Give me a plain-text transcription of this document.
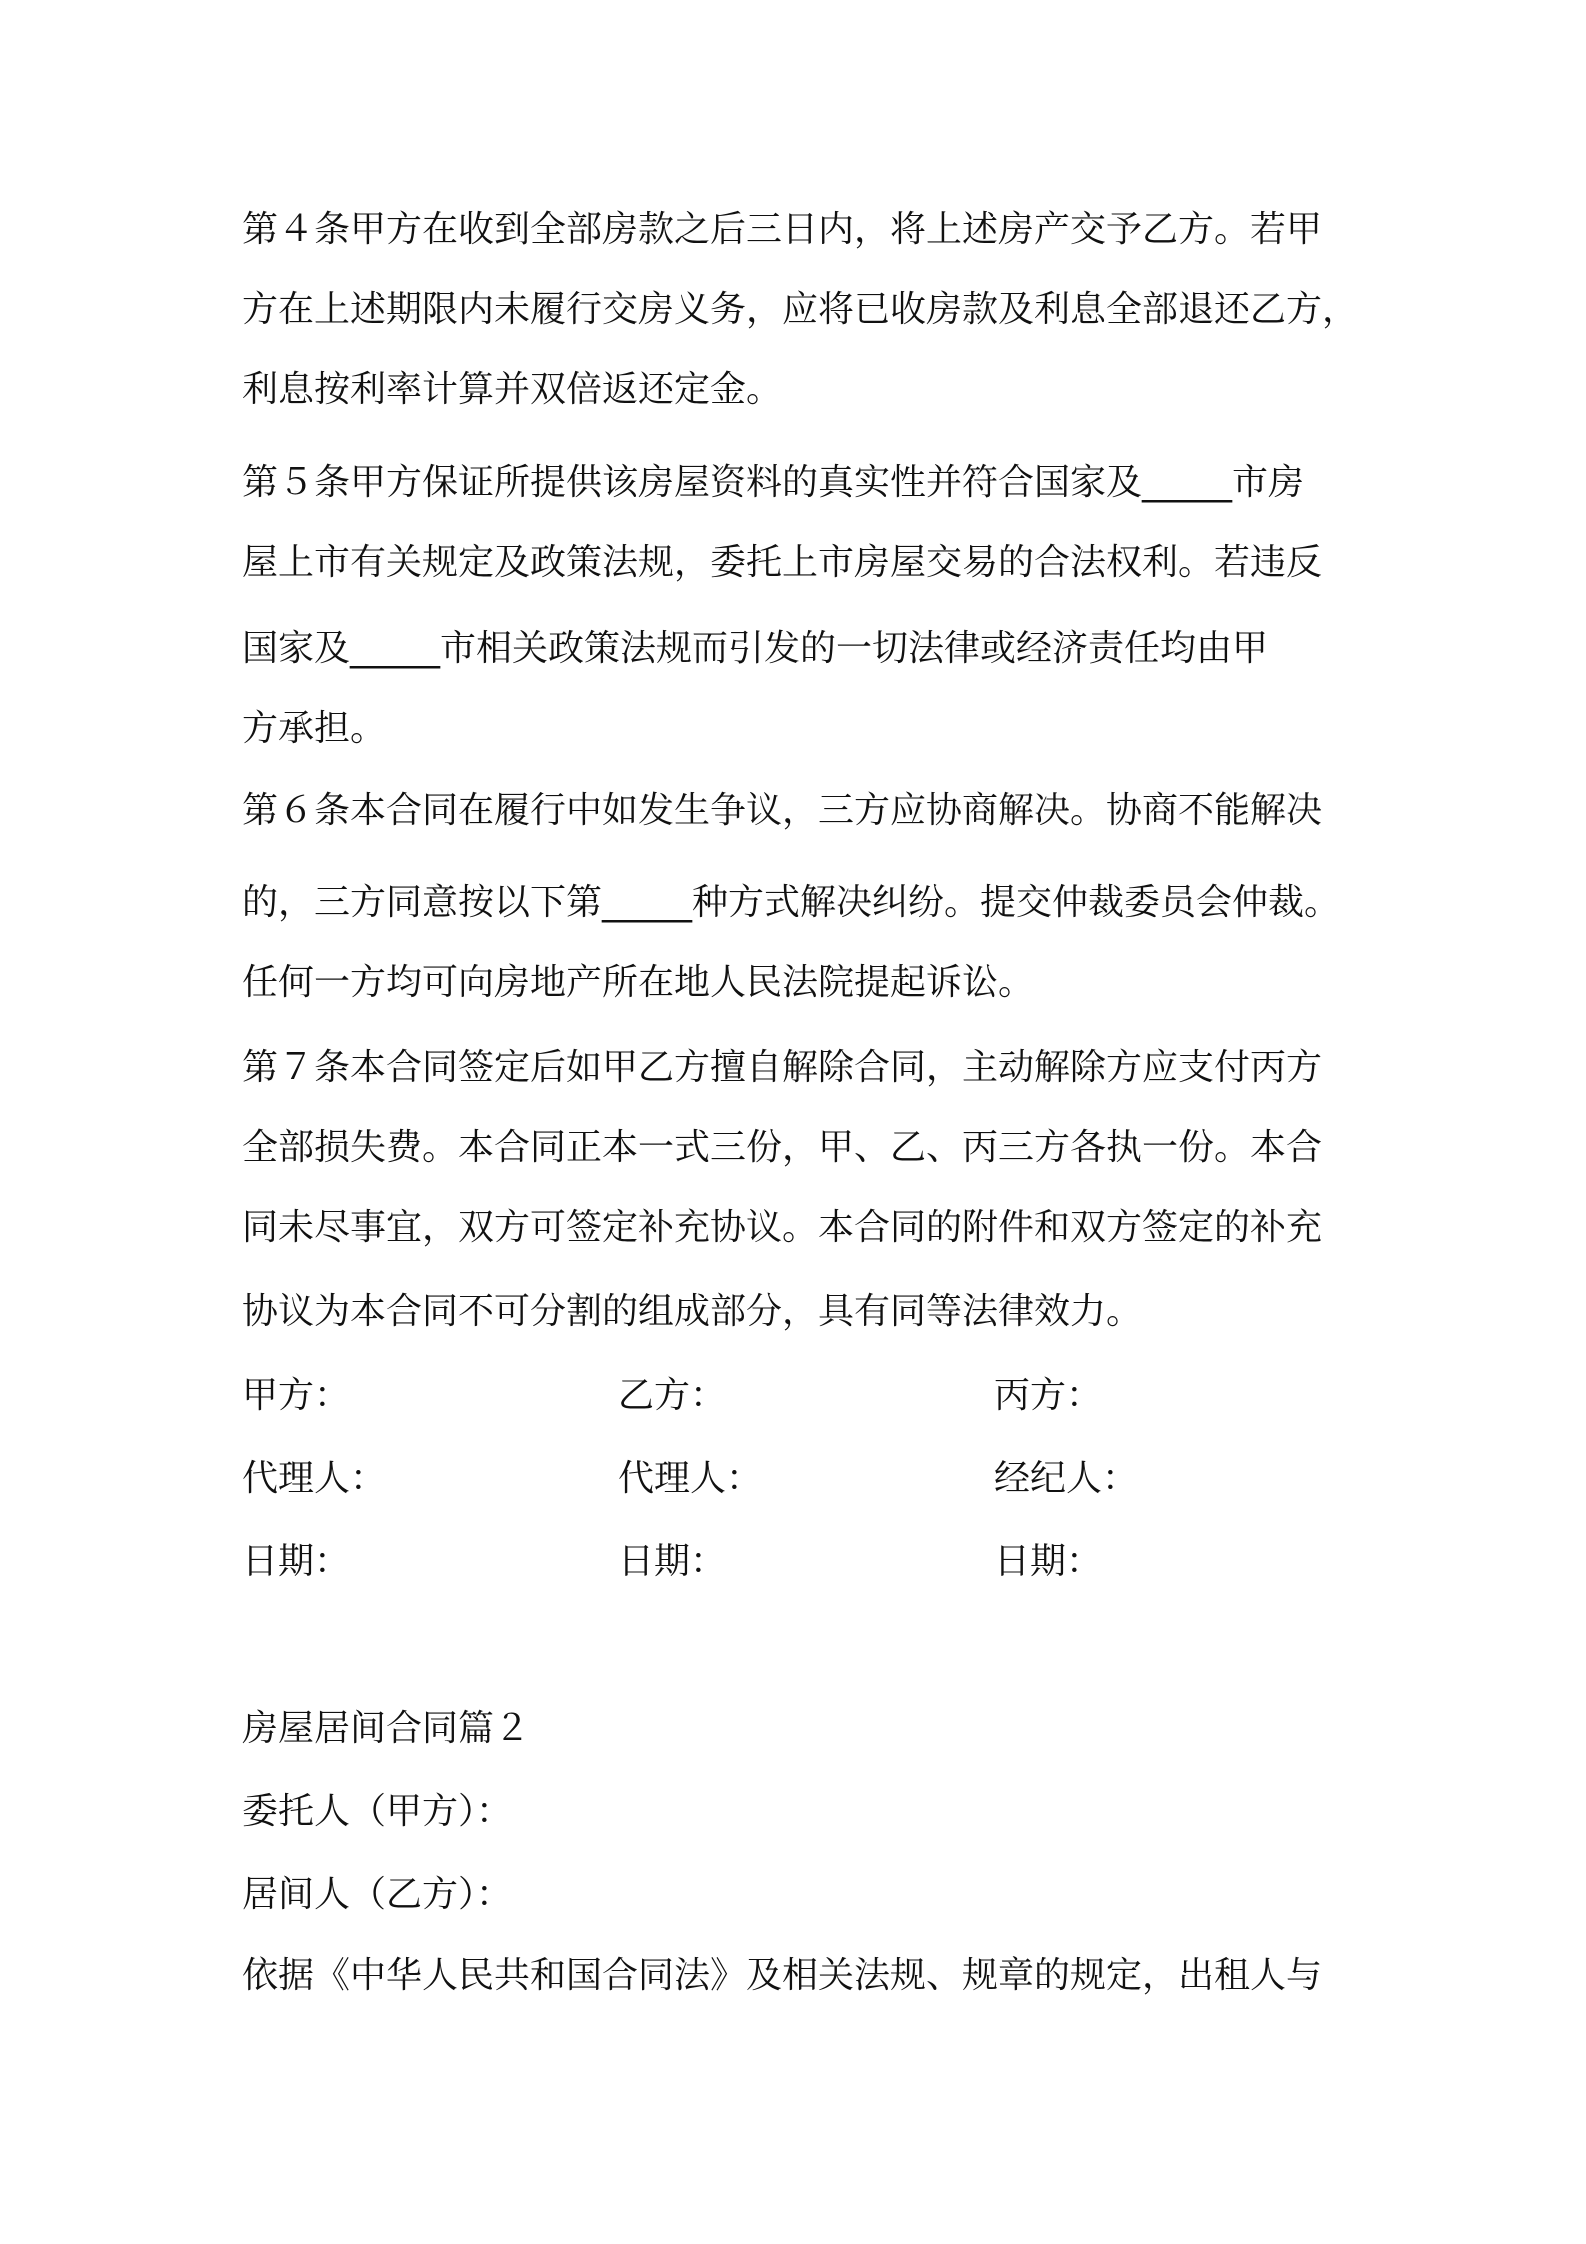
第４条甲方在收到全部房款之后三日内，将上述房产交予乙方。若甲
方在上述期限内未履行交房义务，应将已收房款及利息全部退还乙方，
利息按利率计算并双倍返还定金。
第５条甲方保证所提供该房屋资料的真实性并符合国家及_____市房
屋上市有关规定及政策法规，委托上市房屋交易的合法权利。若违反
国家及_____市相关政策法规而引发的一切法律或经济责任均由甲
方承担。
第６条本合同在履行中如发生争议，三方应协商解决。协商不能解决
的，三方同意按以下第_____种方式解决纠纷。提交仲裁委员会仲裁。
任何一方均可向房地产所在地人民法院提起诉讼。
第７条本合同签定后如甲乙方擅自解除合同，主动解除方应支付丙方
全部损失费。本合同正本一式三份，甲、乙、丙三方各执一份。本合
同未尽事宜，双方可签定补充协议。本合同的附件和双方签定的补充
协议为本合同不可分割的组成部分，具有同等法律效力。
甲方：	乙方：	丙方：
代理人：	代理人：	经纪人：
日期：	日期：	日期：
房屋居间合同篇２
委托人（甲方）：
居间人（乙方）：
依据《中华人民共和国合同法》及相关法规、规章的规定，出租人与
